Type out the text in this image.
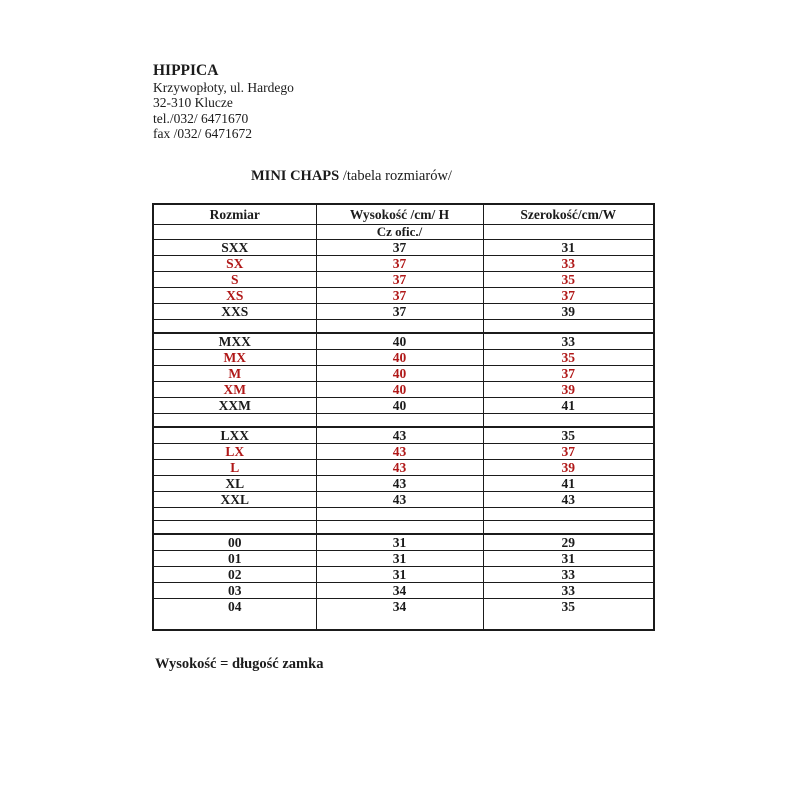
HIPPICA
Krzywopłoty, ul. Hardego
32-310 Klucze
tel./032/ 6471670
fax /032/ 6471672
MINI CHAPS /tabela rozmiarów/
Rozmiar	Wysokość /cm/ H	Szerokość/cm/W
	Cz ofic./	
SXX	37	31
SX	37	33
S	37	35
XS	37	37
XXS	37	39

MXX	40	33
MX	40	35
M	40	37
XM	40	39
XXM	40	41

LXX	43	35
LX	43	37
L	43	39
XL	43	41
XXL	43	43

00	31	29
01	31	31
02	31	33
03	34	33
04	34	35
Wysokość = długość zamka
